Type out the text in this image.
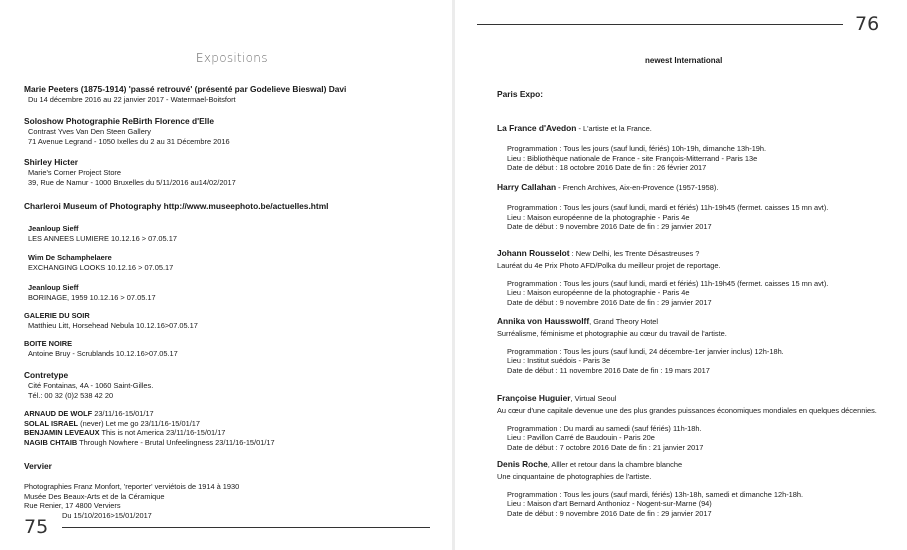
Expositions
Marie Peeters (1875-1914) 'passé retrouvé' (présenté par Godelieve Bieswal) Davi
Du 14 décembre 2016 au 22 janvier 2017 - Watermael-Boitsfort
Soloshow Photographie ReBirth Florence d'Elle
Contrast Yves Van Den Steen Gallery
71 Avenue Legrand - 1050 Ixelles du 2 au 31 Décembre 2016
Shirley Hicter
Marie's Corner Project Store
39, Rue de Namur - 1000 Bruxelles du 5/11/2016 au14/02/2017
Charleroi Museum of Photography http://www.museephoto.be/actuelles.html
Jeanloup Sieff
LES ANNEES LUMIERE 10.12.16 > 07.05.17
Wim De Schamphelaere
EXCHANGING LOOKS 10.12.16 > 07.05.17
Jeanloup Sieff
BORINAGE, 1959 10.12.16 > 07.05.17
GALERIE DU SOIR
Matthieu Litt, Horsehead Nebula 10.12.16>07.05.17
BOITE NOIRE
Antoine Bruy - Scrublands 10.12.16>07.05.17
Contretype
Cité Fontainas, 4A - 1060 Saint-Gilles.
Tél.: 00 32 (0)2 538 42 20
ARNAUD DE WOLF 23/11/16-15/01/17
SOLAL ISRAEL (never) Let me go 23/11/16-15/01/17
BENJAMIN LEVEAUX This is not America 23/11/16-15/01/17
NAGIB CHTAIB Through Nowhere - Brutal Unfeelingness 23/11/16-15/01/17
Vervier
Photographies Franz Monfort, 'reporter' verviétois de 1914 à 1930
Musée Des Beaux-Arts et de la Céramique
Rue Renier, 17 4800 Verviers
Du 15/10/2016>15/01/2017
75
76
newest International
Paris Expo:
La France d'Avedon - L'artiste et la France.
Programmation : Tous les jours (sauf lundi, fériés) 10h-19h, dimanche 13h-19h.
Lieu : Bibliothèque nationale de France - site François-Mitterrand - Paris 13e
Date de début : 18 octobre 2016 Date de fin : 26 février 2017
Harry Callahan - French Archives, Aix-en-Provence (1957-1958).
Programmation : Tous les jours (sauf lundi, mardi et fériés) 11h-19h45 (fermet. caisses 15 mn avt).
Lieu : Maison européenne de la photographie - Paris 4e
Date de début : 9 novembre 2016 Date de fin : 29 janvier 2017
Johann Rousselot : New Delhi, les Trente Désastreuses ?
Lauréat du 4e Prix Photo AFD/Polka du meilleur projet de reportage.
Programmation : Tous les jours (sauf lundi, mardi et fériés) 11h-19h45 (fermet. caisses 15 mn avt).
Lieu : Maison européenne de la photographie - Paris 4e
Date de début : 9 novembre 2016 Date de fin : 29 janvier 2017
Annika von Hausswolff, Grand Theory Hotel
Surréalisme, féminisme et photographie au cœur du travail de l'artiste.
Programmation : Tous les jours (sauf lundi, 24 décembre-1er janvier inclus) 12h-18h.
Lieu : Institut suédois - Paris 3e
Date de début : 11 novembre 2016 Date de fin : 19 mars 2017
Françoise Huguier, Virtual Seoul
Au cœur d'une capitale devenue une des plus grandes puissances économiques mondiales en quelques décennies.
Programmation : Du mardi au samedi (sauf fériés) 11h-18h.
Lieu : Pavillon Carré de Baudouin - Paris 20e
Date de début : 7 octobre 2016 Date de fin : 21 janvier 2017
Denis Roche, Alller et retour dans la chambre blanche
Une cinquantaine de photographies de l'artiste.
Programmation : Tous les jours (sauf mardi, fériés) 13h-18h, samedi et dimanche 12h-18h.
Lieu : Maison d'art Bernard Anthonioz - Nogent-sur-Marne (94)
Date de début : 9 novembre 2016 Date de fin : 29 janvier 2017
